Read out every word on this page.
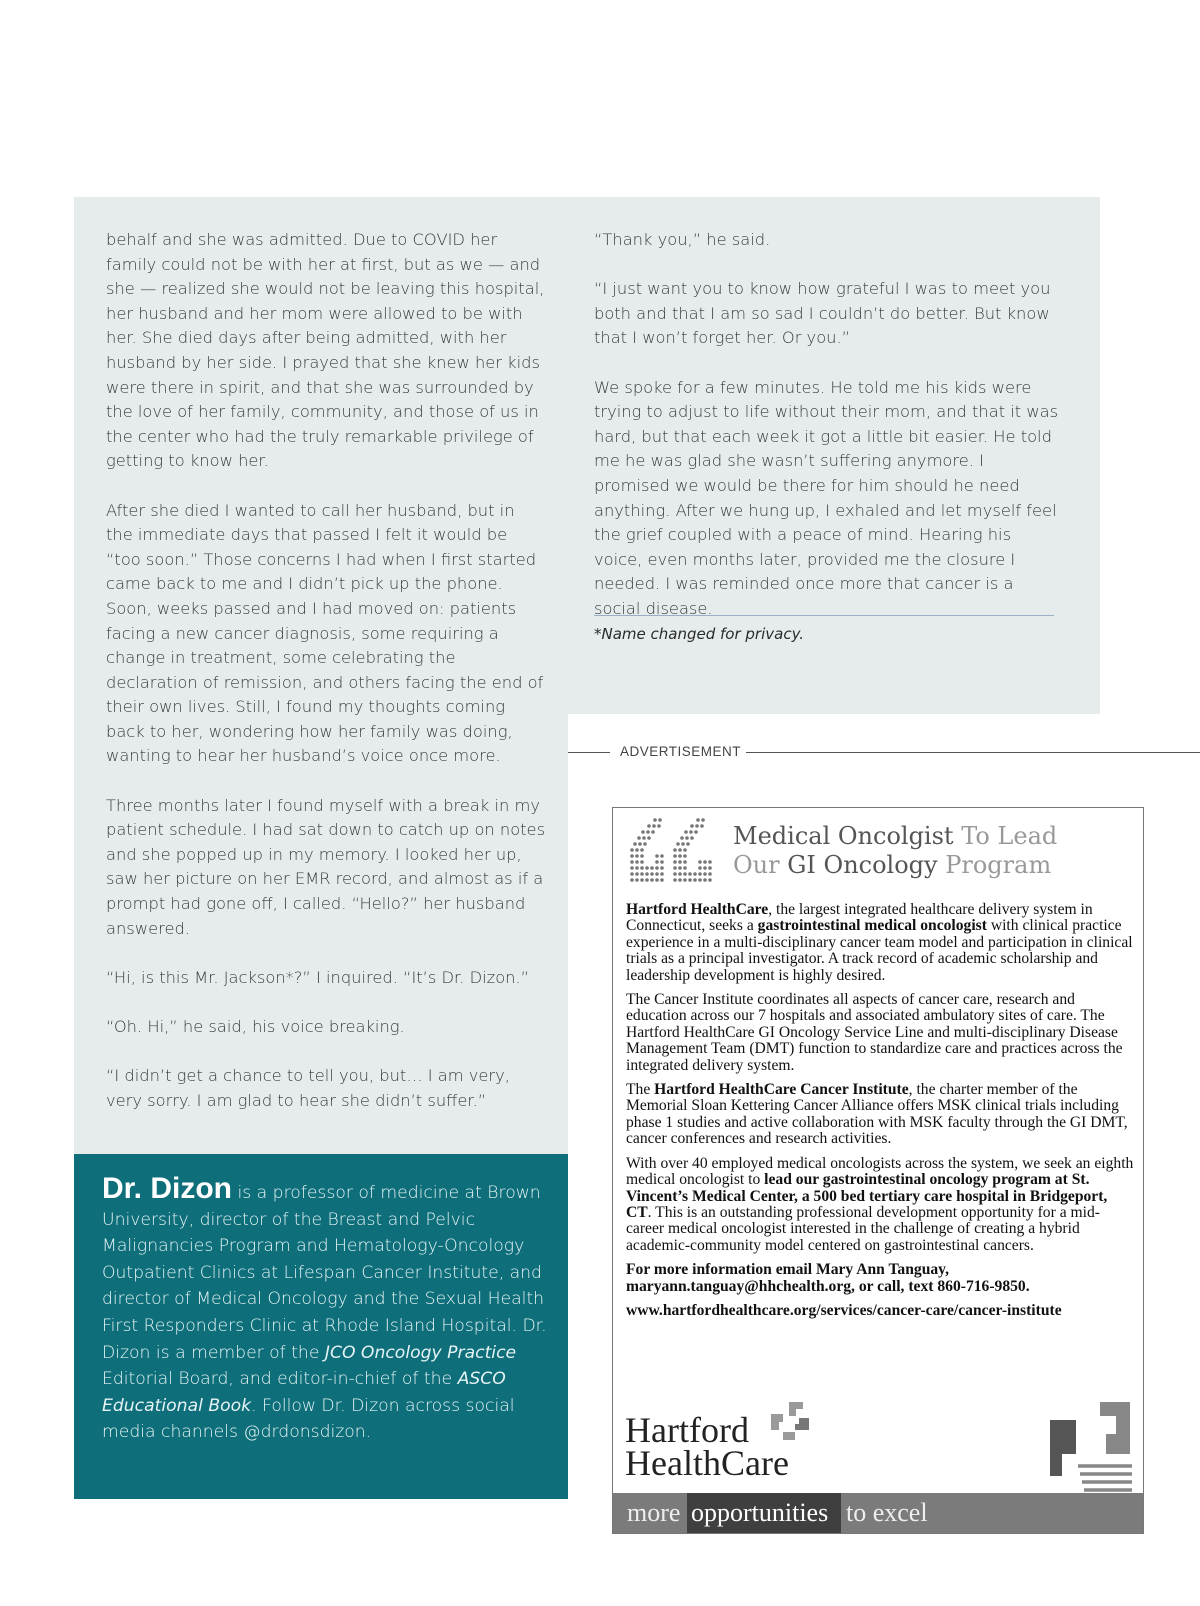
behalf and she was admitted. Due to COVID her family could not be with her at first, but as we — and she — realized she would not be leaving this hospital, her husband and her mom were allowed to be with her. She died days after being admitted, with her husband by her side. I prayed that she knew her kids were there in spirit, and that she was surrounded by the love of her family, community, and those of us in the center who had the truly remarkable privilege of getting to know her.

After she died I wanted to call her husband, but in the immediate days that passed I felt it would be “too soon.” Those concerns I had when I first started came back to me and I didn’t pick up the phone. Soon, weeks passed and I had moved on: patients facing a new cancer diagnosis, some requiring a change in treatment, some celebrating the declaration of remission, and others facing the end of their own lives. Still, I found my thoughts coming back to her, wondering how her family was doing, wanting to hear her husband’s voice once more.

Three months later I found myself with a break in my patient schedule. I had sat down to catch up on notes and she popped up in my memory. I looked her up, saw her picture on her EMR record, and almost as if a prompt had gone off, I called. “Hello?” her husband answered.

“Hi, is this Mr. Jackson*?” I inquired. “It’s Dr. Dizon.”

“Oh. Hi,” he said, his voice breaking.

“I didn’t get a chance to tell you, but… I am very, very sorry. I am glad to hear she didn’t suffer.”

“Thank you,” he said.

“I just want you to know how grateful I was to meet you both and that I am so sad I couldn’t do better. But know that I won’t forget her. Or you.”

We spoke for a few minutes. He told me his kids were trying to adjust to life without their mom, and that it was hard, but that each week it got a little bit easier. He told me he was glad she wasn’t suffering anymore. I promised we would be there for him should he need anything. After we hung up, I exhaled and let myself feel the grief coupled with a peace of mind. Hearing his voice, even months later, provided me the closure I needed. I was reminded once more that cancer is a social disease.

*Name changed for privacy.
Dr. Dizon is a professor of medicine at Brown University, director of the Breast and Pelvic Malignancies Program and Hematology-Oncology Outpatient Clinics at Lifespan Cancer Institute, and director of Medical Oncology and the Sexual Health First Responders Clinic at Rhode Island Hospital. Dr. Dizon is a member of the JCO Oncology Practice Editorial Board, and editor-in-chief of the ASCO Educational Book. Follow Dr. Dizon across social media channels @drdonsdizon.
ADVERTISEMENT
Medical Oncolgist To Lead
Our GI Oncology Program

Hartford HealthCare, the largest integrated healthcare delivery system in Connecticut, seeks a gastrointestinal medical oncologist with clinical practice experience in a multi-disciplinary cancer team model and participation in clinical trials as a principal investigator. A track record of academic scholarship and leadership development is highly desired.

The Cancer Institute coordinates all aspects of cancer care, research and education across our 7 hospitals and associated ambulatory sites of care. The Hartford HealthCare GI Oncology Service Line and multi-disciplinary Disease Management Team (DMT) function to standardize care and practices across the integrated delivery system.

The Hartford HealthCare Cancer Institute, the charter member of the Memorial Sloan Kettering Cancer Alliance offers MSK clinical trials including phase 1 studies and active collaboration with MSK faculty through the GI DMT, cancer conferences and research activities.

With over 40 employed medical oncologists across the system, we seek an eighth medical oncologist to lead our gastrointestinal oncology program at St. Vincent’s Medical Center, a 500 bed tertiary care hospital in Bridgeport, CT. This is an outstanding professional development opportunity for a mid-career medical oncologist interested in the challenge of creating a hybrid academic-community model centered on gastrointestinal cancers.

For more information email Mary Ann Tanguay, maryann.tanguay@hhchealth.org, or call, text 860-716-9850.

www.hartfordhealthcare.org/services/cancer-care/cancer-institute

Hartford
HealthCare
more opportunities to excel
